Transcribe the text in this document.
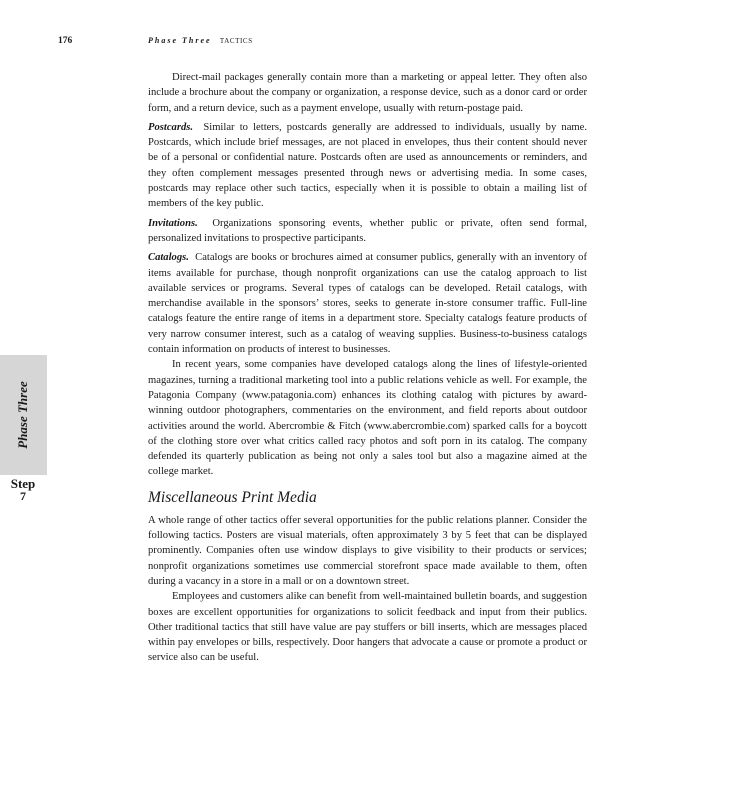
176	Phase Three TACTICS
Phase Three
Step
7

Direct-mail packages generally contain more than a marketing or appeal letter. They often also include a brochure about the company or organization, a response device, such as a donor card or order form, and a return device, such as a payment envelope, usually with return-postage paid.

Postcards. Similar to letters, postcards generally are addressed to individuals, usually by name. Postcards, which include brief messages, are not placed in envelopes, thus their content should never be of a personal or confidential nature. Postcards often are used as announcements or reminders, and they often complement messages presented through news or advertising media. In some cases, postcards may replace other such tactics, especially when it is possible to obtain a mailing list of members of the key public.

Invitations. Organizations sponsoring events, whether public or private, often send formal, personalized invitations to prospective participants.

Catalogs. Catalogs are books or brochures aimed at consumer publics, generally with an inventory of items available for purchase, though nonprofit organizations can use the catalog approach to list available services or programs. Several types of catalogs can be developed. Retail catalogs, with merchandise available in the sponsors’ stores, seeks to generate in-store consumer traffic. Full-line catalogs feature the entire range of items in a department store. Specialty catalogs feature products of very narrow consumer interest, such as a catalog of weaving supplies. Business-to-business catalogs contain information on products of interest to businesses.

In recent years, some companies have developed catalogs along the lines of lifestyle-oriented magazines, turning a traditional marketing tool into a public relations vehicle as well. For example, the Patagonia Company (www.patagonia.com) enhances its clothing catalog with pictures by award-winning outdoor photographers, commentaries on the environment, and field reports about outdoor activities around the world. Abercrombie & Fitch (www.abercrombie.com) sparked calls for a boycott of the clothing store over what critics called racy photos and soft porn in its catalog. The company defended its quarterly publication as being not only a sales tool but also a magazine aimed at the college market.

Miscellaneous Print Media

A whole range of other tactics offer several opportunities for the public relations planner. Consider the following tactics. Posters are visual materials, often approximately 3 by 5 feet that can be displayed prominently. Companies often use window displays to give visibility to their products or services; nonprofit organizations sometimes use commercial storefront space made available to them, often during a vacancy in a store in a mall or on a downtown street.

Employees and customers alike can benefit from well-maintained bulletin boards, and suggestion boxes are excellent opportunities for organizations to solicit feedback and input from their publics. Other traditional tactics that still have value are pay stuffers or bill inserts, which are messages placed within pay envelopes or bills, respectively. Door hangers that advocate a cause or promote a product or service also can be useful.
